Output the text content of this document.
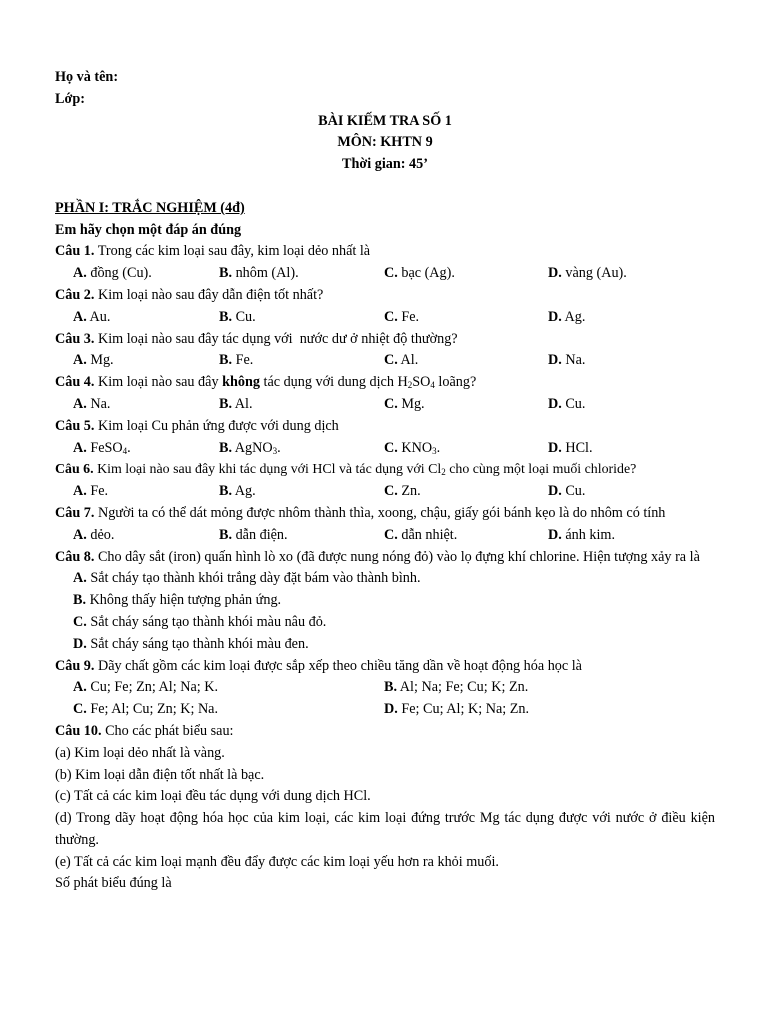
Họ và tên:
Lớp:
BÀI KIẾM TRA SỐ 1
MÔN: KHTN 9
Thời gian: 45’
PHẦN I: TRẮC NGHIỆM (4đ)
Em hãy chọn một đáp án đúng
Câu 1. Trong các kim loại sau đây, kim loại dẻo nhất là
A. đồng (Cu).	B. nhôm (Al).	C. bạc (Ag).	D. vàng (Au).
Câu 2. Kim loại nào sau đây dẫn điện tốt nhất?
A. Au.	B. Cu.	C. Fe.	D. Ag.
Câu 3. Kim loại nào sau đây tác dụng với  nước dư ở nhiệt độ thường?
A. Mg.	B. Fe.	C. Al.	D. Na.
Câu 4. Kim loại nào sau đây không tác dụng với dung dịch $H_2SO_4$ loãng?
A. Na.	B. Al.	C. Mg.	D. Cu.
Câu 5. Kim loại Cu phản ứng được với dung dịch
A. FeSO$_4$.	B. AgNO$_3$.	C. $KNO_3$.	D. HCl.
Câu 6. Kim loại nào sau đây khi tác dụng với HCl và tác dụng với $Cl_2$ cho cùng một loại muối chloride?
A. Fe.	B. Ag.	C. Zn.	D. Cu.
Câu 7. Người ta có thể dát mỏng được nhôm thành thìa, xoong, chậu, giấy gói bánh kẹo là do nhôm có tính
A. dẻo.	B. dẫn điện.	C. dẫn nhiệt.	D. ánh kim.
Câu 8. Cho dây sắt (iron) quấn hình lò xo (đã được nung nóng đỏ) vào lọ đựng khí chlorine. Hiện tượng xảy ra là
A. Sắt cháy tạo thành khói trắng dày đặt bám vào thành bình.
B. Không thấy hiện tượng phản ứng.
C. Sắt cháy sáng tạo thành khói màu nâu đỏ.
D. Sắt cháy sáng tạo thành khói màu đen.
Câu 9. Dãy chất gồm các kim loại được sắp xếp theo chiều tăng dần về hoạt động hóa học là
A. Cu; Fe; Zn; Al; Na; K.	B. Al; Na; Fe; Cu; K; Zn.
C. Fe; Al; Cu; Zn; K; Na.	D. Fe; Cu; Al; K; Na; Zn.
Câu 10. Cho các phát biểu sau:
(a) Kim loại dẻo nhất là vàng.
(b) Kim loại dẫn điện tốt nhất là bạc.
(c) Tất cả các kim loại đều tác dụng với dung dịch HCl.
(d) Trong dãy hoạt động hóa học của kim loại, các kim loại đứng trước Mg tác dụng được với nước ở điều kiện thường.
(e) Tất cả các kim loại mạnh đều đẩy được các kim loại yếu hơn ra khỏi muối.
Số phát biểu đúng là
